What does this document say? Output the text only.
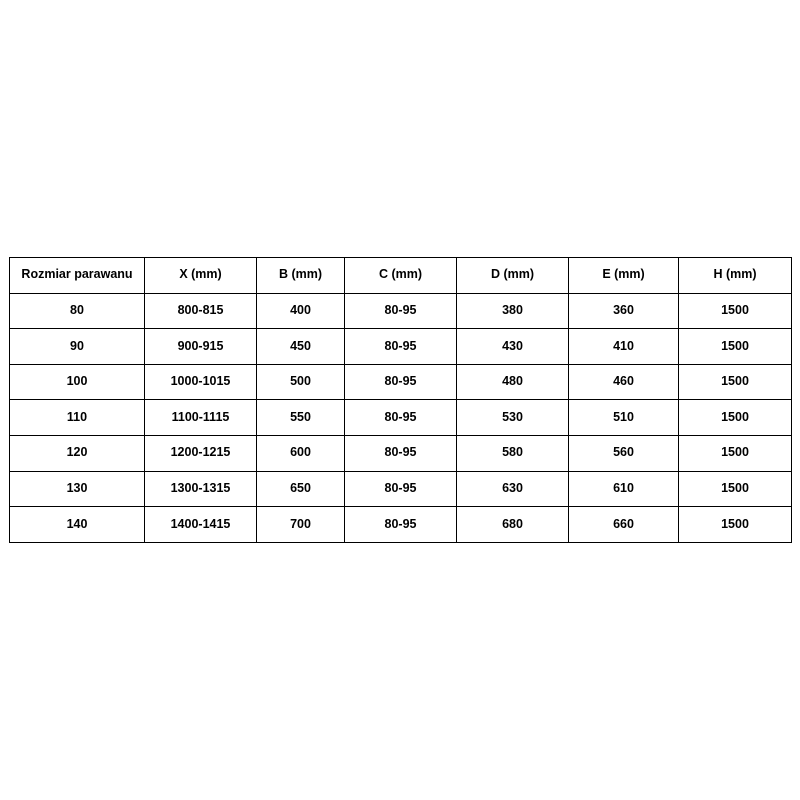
Rozmiar parawanu	X (mm)	B (mm)	C (mm)	D (mm)	E (mm)	H (mm)
80	800-815	400	80-95	380	360	1500
90	900-915	450	80-95	430	410	1500
100	1000-1015	500	80-95	480	460	1500
110	1100-1115	550	80-95	530	510	1500
120	1200-1215	600	80-95	580	560	1500
130	1300-1315	650	80-95	630	610	1500
140	1400-1415	700	80-95	680	660	1500
